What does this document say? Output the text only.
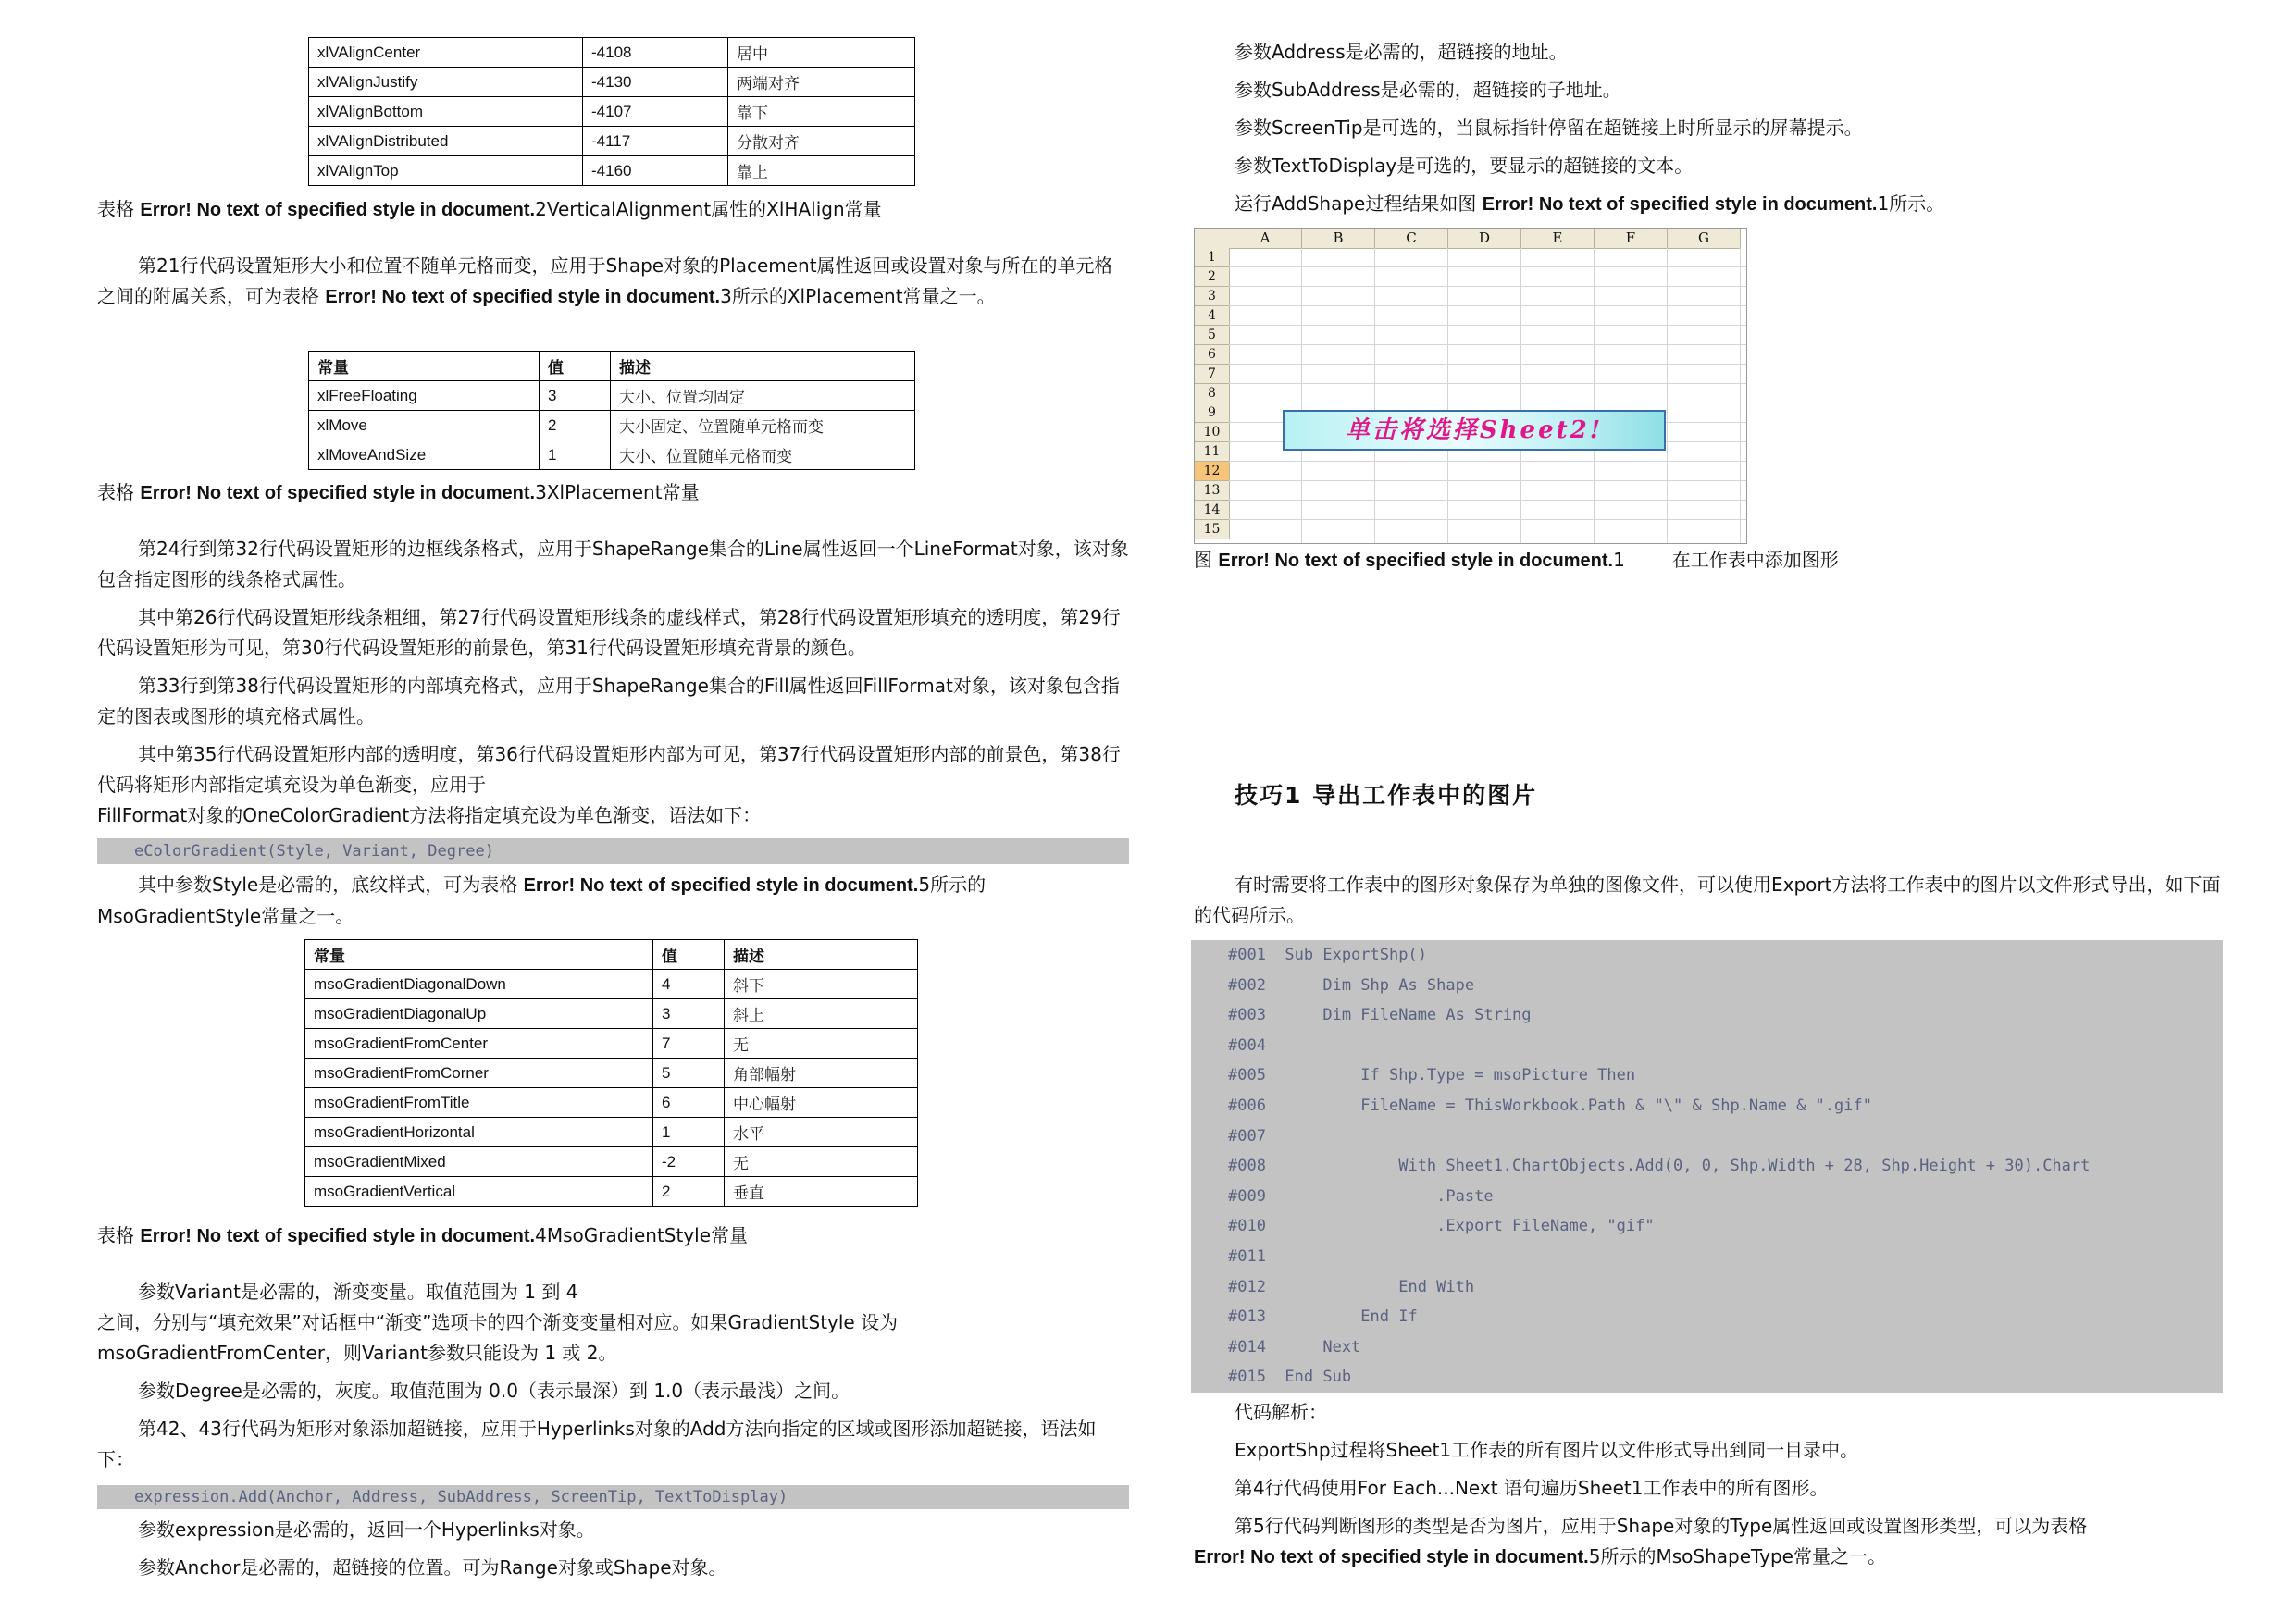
xlVAlignCenter	-4108	居中
xlVAlignJustify	-4130	两端对齐
xlVAlignBottom	-4107	靠下
xlVAlignDistributed	-4117	分散对齐
xlVAlignTop	-4160	靠上
表格 Error! No text of specified style in document.2VerticalAlignment属性的XlHAlign常量

第21行代码设置矩形大小和位置不随单元格而变，应用于Shape对象的Placement属性返回或设置对象与所在的单元格之间的附属关系，可为表格 Error! No text of specified style in document.3所示的XlPlacement常量之一。

常量	值	描述
xlFreeFloating	3	大小、位置均固定
xlMove	2	大小固定、位置随单元格而变
xlMoveAndSize	1	大小、位置随单元格而变
表格 Error! No text of specified style in document.3XlPlacement常量

第24行到第32行代码设置矩形的边框线条格式，应用于ShapeRange集合的Line属性返回一个LineFormat对象，该对象包含指定图形的线条格式属性。

其中第26行代码设置矩形线条粗细，第27行代码设置矩形线条的虚线样式，第28行代码设置矩形填充的透明度，第29行代码设置矩形为可见，第30行代码设置矩形的前景色，第31行代码设置矩形填充背景的颜色。

第33行到第38行代码设置矩形的内部填充格式，应用于ShapeRange集合的Fill属性返回FillFormat对象，该对象包含指定的图表或图形的填充格式属性。

其中第35行代码设置矩形内部的透明度，第36行代码设置矩形内部为可见，第37行代码设置矩形内部的前景色，第38行代码将矩形内部指定填充设为单色渐变，应用于

FillFormat对象的OneColorGradient方法将指定填充设为单色渐变，语法如下：

eColorGradient(Style, Variant, Degree)

其中参数Style是必需的，底纹样式，可为表格 Error! No text of specified style in document.5所示的MsoGradientStyle常量之一。

常量	值	描述
msoGradientDiagonalDown	4	斜下
msoGradientDiagonalUp	3	斜上
msoGradientFromCenter	7	无
msoGradientFromCorner	5	角部幅射
msoGradientFromTitle	6	中心幅射
msoGradientHorizontal	1	水平
msoGradientMixed	-2	无
msoGradientVertical	2	垂直
表格 Error! No text of specified style in document.4MsoGradientStyle常量

参数Variant是必需的，渐变变量。取值范围为 1 到 4

之间，分别与“填充效果”对话框中“渐变”选项卡的四个渐变变量相对应。如果GradientStyle 设为

msoGradientFromCenter，则Variant参数只能设为 1 或 2。

参数Degree是必需的，灰度。取值范围为 0.0（表示最深）到 1.0（表示最浅）之间。

第42、43行代码为矩形对象添加超链接，应用于Hyperlinks对象的Add方法向指定的区域或图形添加超链接，语法如下：

expression.Add(Anchor, Address, SubAddress, ScreenTip, TextToDisplay)

参数expression是必需的，返回一个Hyperlinks对象。

参数Anchor是必需的，超链接的位置。可为Range对象或Shape对象。

参数Address是必需的，超链接的地址。

参数SubAddress是必需的，超链接的子地址。

参数ScreenTip是可选的，当鼠标指针停留在超链接上时所显示的屏幕提示。

参数TextToDisplay是可选的，要显示的超链接的文本。

运行AddShape过程结果如图 Error! No text of specified style in document.1所示。

A	B	C	D	E	F	G
1
2
3
4
5
6
7
8
9
10
11
12
13
14
15
单击将选择Sheet2!
图 Error! No text of specified style in document.1        在工作表中添加图形
技巧1 导出工作表中的图片

有时需要将工作表中的图形对象保存为单独的图像文件，可以使用Export方法将工作表中的图片以文件形式导出，如下面的代码所示。

#001  Sub ExportShp()
#002      Dim Shp As Shape
#003      Dim FileName As String
#004
#005          If Shp.Type = msoPicture Then
#006          FileName = ThisWorkbook.Path & "\" & Shp.Name & ".gif"
#007
#008              With Sheet1.ChartObjects.Add(0, 0, Shp.Width + 28, Shp.Height + 30).Chart
#009                  .Paste
#010                  .Export FileName, "gif"
#011
#012              End With
#013          End If
#014      Next
#015  End Sub

代码解析：

ExportShp过程将Sheet1工作表的所有图片以文件形式导出到同一目录中。

第4行代码使用For Each...Next 语句遍历Sheet1工作表中的所有图形。

第5行代码判断图形的类型是否为图片，应用于Shape对象的Type属性返回或设置图形类型，可以为表格

Error! No text of specified style in document.5所示的MsoShapeType常量之一。
